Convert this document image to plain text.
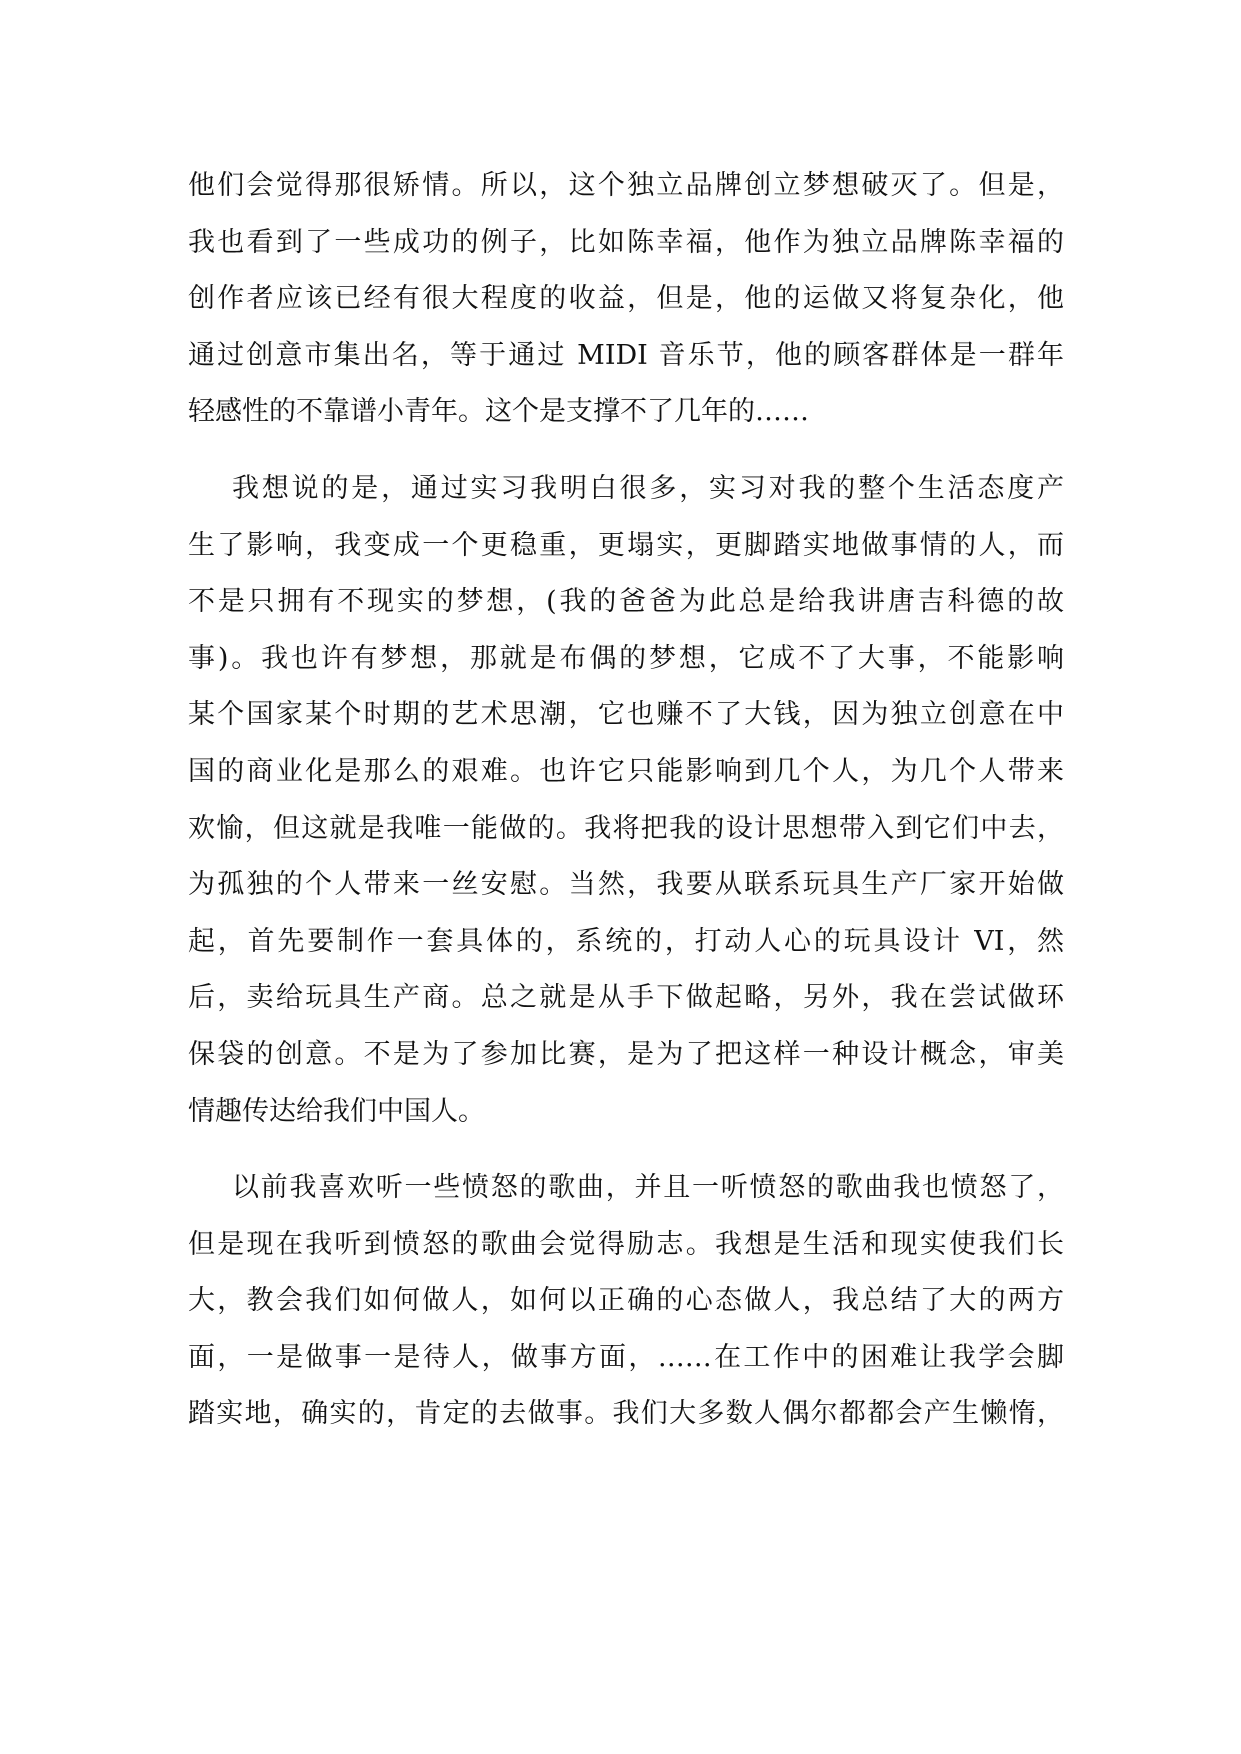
他们会觉得那很矫情。所以，这个独立品牌创立梦想破灭了。但是，
我也看到了一些成功的例子，比如陈幸福，他作为独立品牌陈幸福的
创作者应该已经有很大程度的收益，但是，他的运做又将复杂化，他
通过创意市集出名，等于通过 MIDI 音乐节，他的顾客群体是一群年
轻感性的不靠谱小青年。这个是支撑不了几年的……
我想说的是，通过实习我明白很多，实习对我的整个生活态度产
生了影响，我变成一个更稳重，更塌实，更脚踏实地做事情的人，而
不是只拥有不现实的梦想，(我的爸爸为此总是给我讲唐吉科德的故
事)。我也许有梦想，那就是布偶的梦想，它成不了大事，不能影响
某个国家某个时期的艺术思潮，它也赚不了大钱，因为独立创意在中
国的商业化是那么的艰难。也许它只能影响到几个人，为几个人带来
欢愉，但这就是我唯一能做的。我将把我的设计思想带入到它们中去，
为孤独的个人带来一丝安慰。当然，我要从联系玩具生产厂家开始做
起，首先要制作一套具体的，系统的，打动人心的玩具设计 VI，然
后，卖给玩具生产商。总之就是从手下做起略，另外，我在尝试做环
保袋的创意。不是为了参加比赛，是为了把这样一种设计概念，审美
情趣传达给我们中国人。
以前我喜欢听一些愤怒的歌曲，并且一听愤怒的歌曲我也愤怒了，
但是现在我听到愤怒的歌曲会觉得励志。我想是生活和现实使我们长
大，教会我们如何做人，如何以正确的心态做人，我总结了大的两方
面，一是做事一是待人，做事方面，……在工作中的困难让我学会脚
踏实地，确实的，肯定的去做事。我们大多数人偶尔都都会产生懒惰，
